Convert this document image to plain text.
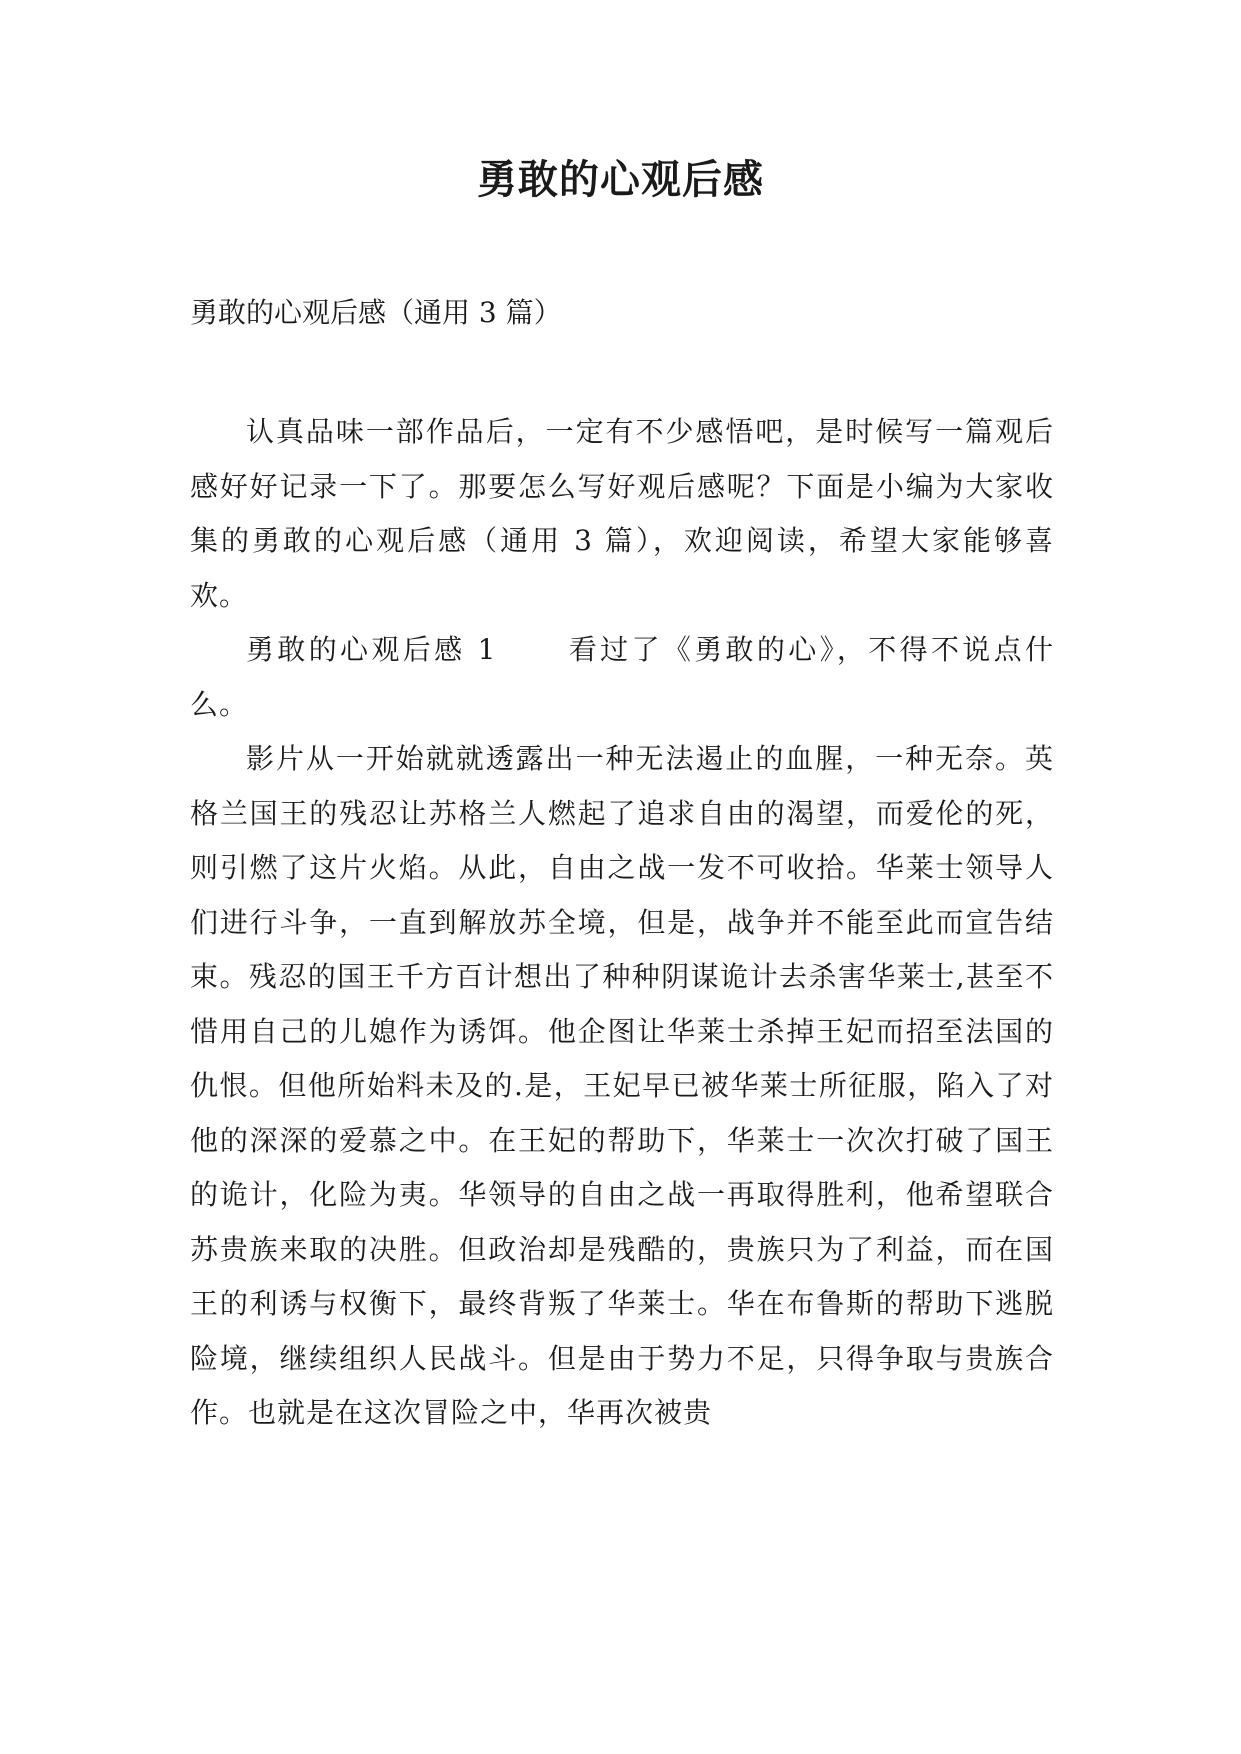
勇敢的心观后感

勇敢的心观后感（通用 3 篇）

认真品味一部作品后，一定有不少感悟吧，是时候写一篇观后感好好记录一下了。那要怎么写好观后感呢？下面是小编为大家收集的勇敢的心观后感（通用 3 篇），欢迎阅读，希望大家能够喜欢。

勇敢的心观后感 1	看过了《勇敢的心》，不得不说点什么。

影片从一开始就就透露出一种无法遏止的血腥，一种无奈。英格兰国王的残忍让苏格兰人燃起了追求自由的渴望，而爱伦的死，则引燃了这片火焰。从此，自由之战一发不可收拾。华莱士领导人们进行斗争，一直到解放苏全境，但是，战争并不能至此而宣告结束。残忍的国王千方百计想出了种种阴谋诡计去杀害华莱士,甚至不惜用自己的儿媳作为诱饵。他企图让华莱士杀掉王妃而招至法国的仇恨。但他所始料未及的.是，王妃早已被华莱士所征服，陷入了对他的深深的爱慕之中。在王妃的帮助下，华莱士一次次打破了国王的诡计，化险为夷。华领导的自由之战一再取得胜利，他希望联合苏贵族来取的决胜。但政治却是残酷的，贵族只为了利益，而在国王的利诱与权衡下，最终背叛了华莱士。华在布鲁斯的帮助下逃脱险境，继续组织人民战斗。但是由于势力不足，只得争取与贵族合作。也就是在这次冒险之中，华再次被贵
